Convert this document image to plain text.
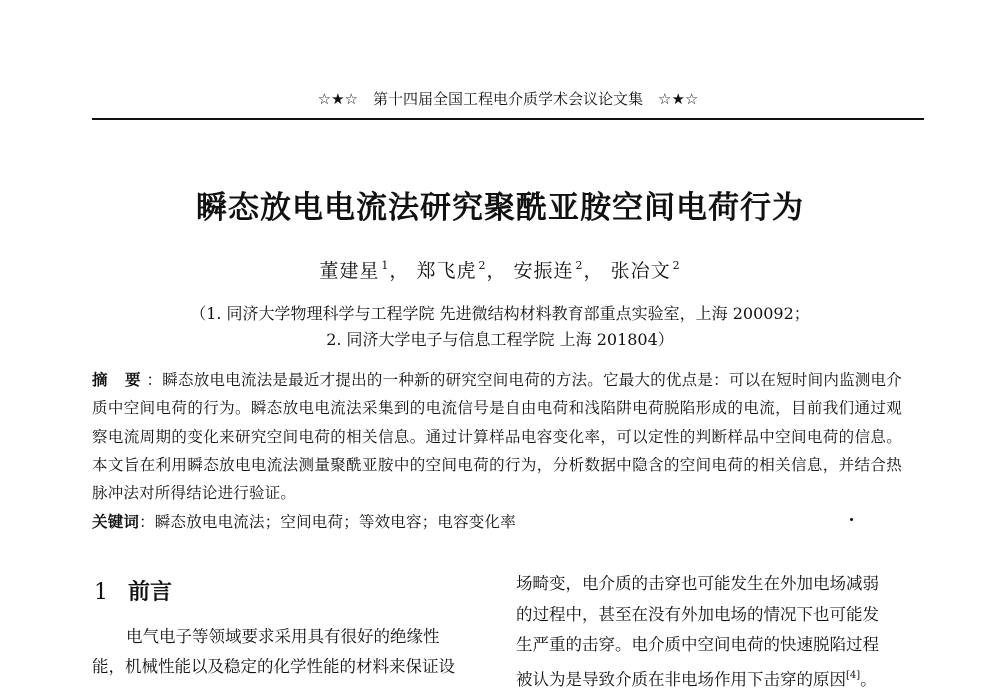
☆★☆　第十四届全国工程电介质学术会议论文集　☆★☆
瞬态放电电流法研究聚酰亚胺空间电荷行为
董建星 $^1$， 郑飞虎 $^2$， 安振连 $^2$， 张冶文 $^2$
（1. 同济大学物理科学与工程学院 先进微结构材料教育部重点实验室，上海 200092；
2. 同济大学电子与信息工程学院 上海 201804）
摘 要：瞬态放电电流法是最近才提出的一种新的研究空间电荷的方法。它最大的优点是：可以在短时间内监测电介质中空间电荷的行为。瞬态放电电流法采集到的电流信号是自由电荷和浅陷阱电荷脱陷形成的电流，目前我们通过观察电流周期的变化来研究空间电荷的相关信息。通过计算样品电容变化率，可以定性的判断样品中空间电荷的信息。本文旨在利用瞬态放电电流法测量聚酰亚胺中的空间电荷的行为，分析数据中隐含的空间电荷的相关信息，并结合热脉冲法对所得结论进行验证。
关键词：瞬态放电电流法；空间电荷；等效电容；电容变化率
1 前言
电气电子等领域要求采用具有很好的绝缘性
能，机械性能以及稳定的化学性能的材料来保证设
场畸变，电介质的击穿也可能发生在外加电场减弱
的过程中，甚至在没有外加电场的情况下也可能发
生严重的击穿。电介质中空间电荷的快速脱陷过程
被认为是导致介质在非电场作用下击穿的原因[4]。
